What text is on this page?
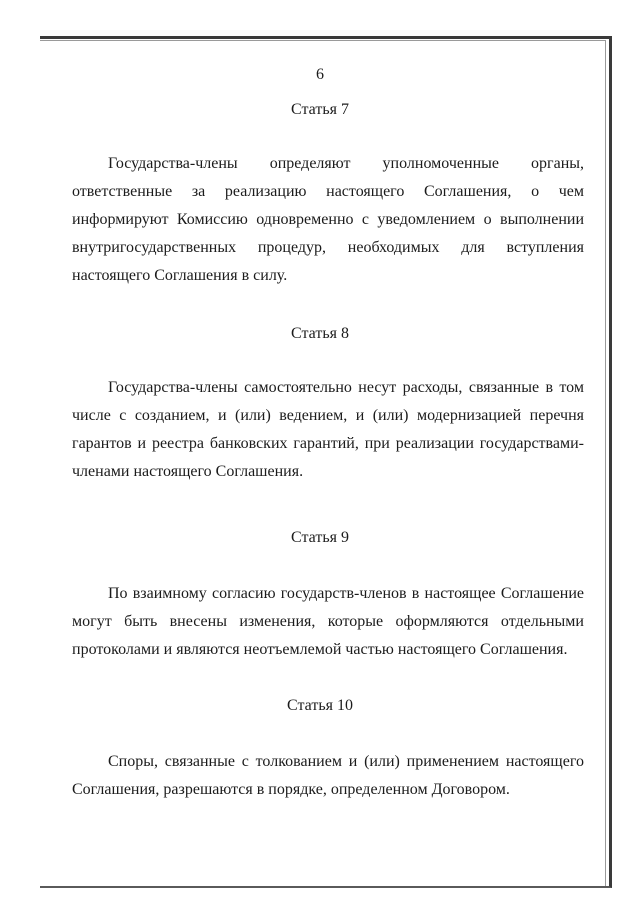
6
Статья 7

Государства-члены определяют уполномоченные органы, ответственные за реализацию настоящего Соглашения, о чем информируют Комиссию одновременно с уведомлением о выполнении внутригосударственных процедур, необходимых для вступления настоящего Соглашения в силу.

Статья 8

Государства-члены самостоятельно несут расходы, связанные в том числе с созданием, и (или) ведением, и (или) модернизацией перечня гарантов и реестра банковских гарантий, при реализации государствами-членами настоящего Соглашения.

Статья 9

По взаимному согласию государств-членов в настоящее Соглашение могут быть внесены изменения, которые оформляются отдельными протоколами и являются неотъемлемой частью настоящего Соглашения.

Статья 10

Споры, связанные с толкованием и (или) применением настоящего Соглашения, разрешаются в порядке, определенном Договором.
